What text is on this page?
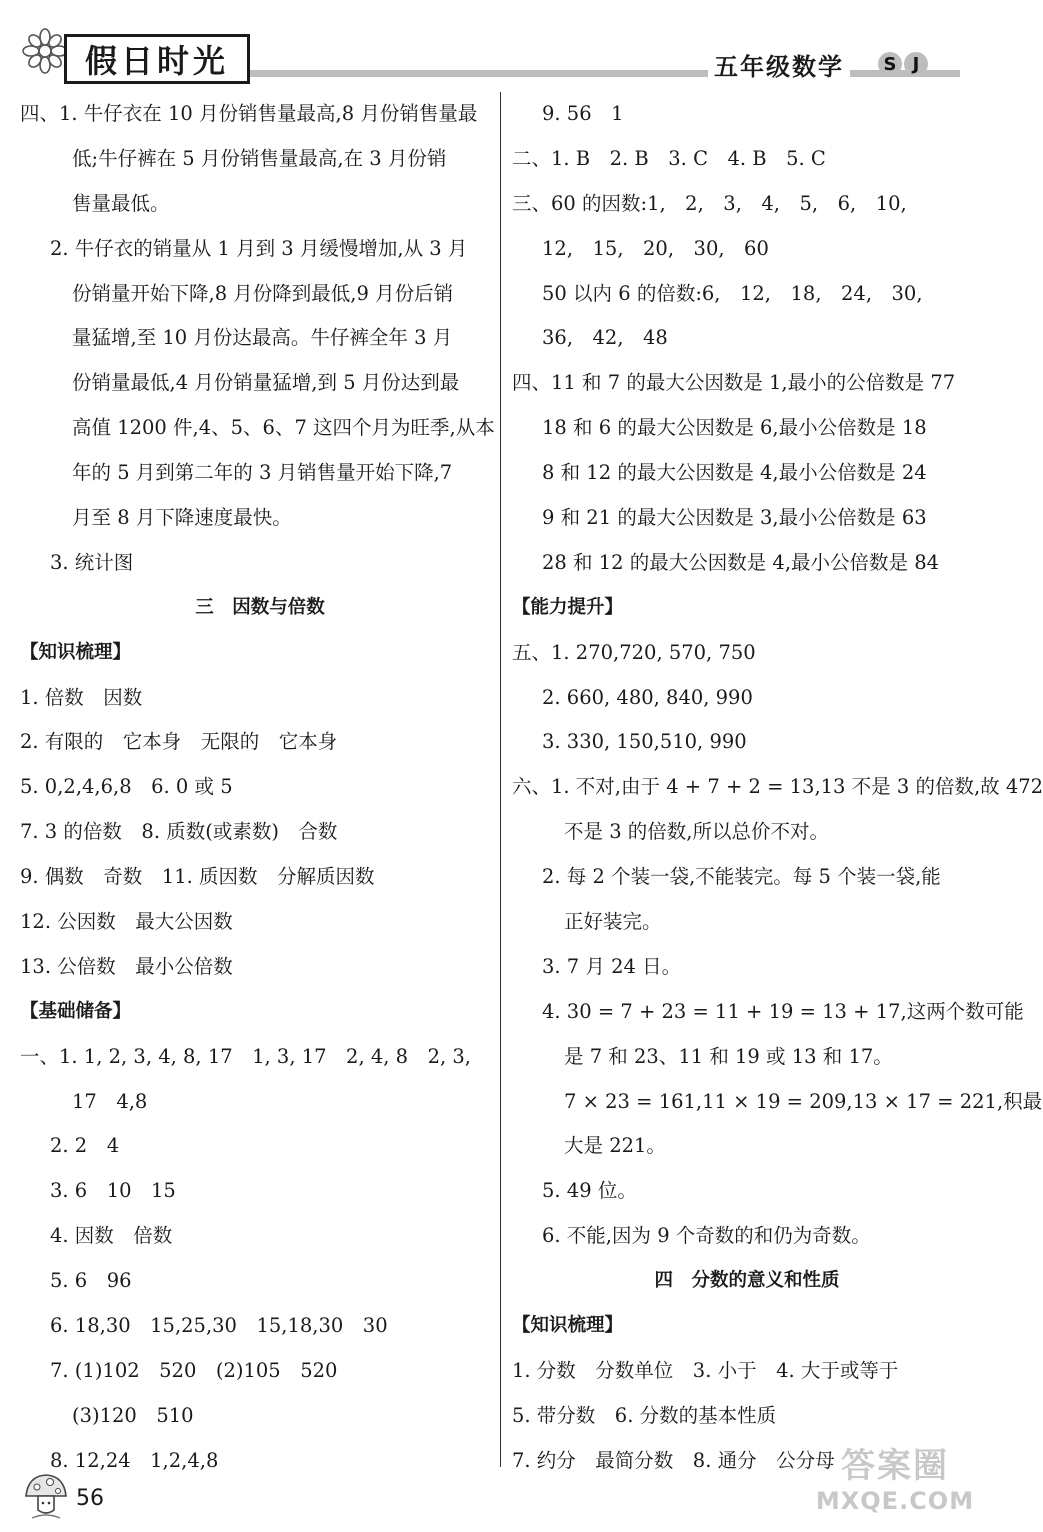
假日时光	五年级数学	S J
四、1. 牛仔衣在 10 月份销售量最高,8 月份销售量最
低;牛仔裤在 5 月份销售量最高,在 3 月份销
售量最低。
2. 牛仔衣的销量从 1 月到 3 月缓慢增加,从 3 月
份销量开始下降,8 月份降到最低,9 月份后销
量猛增,至 10 月份达最高。牛仔裤全年 3 月
份销量最低,4 月份销量猛增,到 5 月份达到最
高值 1200 件,4、5、6、7 这四个月为旺季,从本
年的 5 月到第二年的 3 月销售量开始下降,7
月至 8 月下降速度最快。
3. 统计图
三　因数与倍数
【知识梳理】
1. 倍数　因数
2. 有限的　它本身　无限的　它本身
5. 0,2,4,6,8　6. 0 或 5
7. 3 的倍数　8. 质数(或素数)　合数
9. 偶数　奇数　11. 质因数　分解质因数
12. 公因数　最大公因数
13. 公倍数　最小公倍数
【基础储备】
一、1. 1, 2, 3, 4, 8, 17　1, 3, 17　2, 4, 8　2, 3,
17　4,8
2. 2　4
3. 6　10　15
4. 因数　倍数
5. 6　96
6. 18,30　15,25,30　15,18,30　30
7. (1)102　520　(2)105　520
(3)120　510
8. 12,24　1,2,4,8
9. 56　1
二、1. B　2. B　3. C　4. B　5. C
三、60 的因数:1,　2,　3,　4,　5,　6,　10,
12,　15,　20,　30,　60
50 以内 6 的倍数:6,　12,　18,　24,　30,
36,　42,　48
四、11 和 7 的最大公因数是 1,最小的公倍数是 77
18 和 6 的最大公因数是 6,最小公倍数是 18
8 和 12 的最大公因数是 4,最小公倍数是 24
9 和 21 的最大公因数是 3,最小公倍数是 63
28 和 12 的最大公因数是 4,最小公倍数是 84
【能力提升】
五、1. 270,720, 570, 750
2. 660, 480, 840, 990
3. 330, 150,510, 990
六、1. 不对,由于 4 + 7 + 2 = 13,13 不是 3 的倍数,故 472
不是 3 的倍数,所以总价不对。
2. 每 2 个装一袋,不能装完。每 5 个装一袋,能
正好装完。
3. 7 月 24 日。
4. 30 = 7 + 23 = 11 + 19 = 13 + 17,这两个数可能
是 7 和 23、11 和 19 或 13 和 17。
7 × 23 = 161,11 × 19 = 209,13 × 17 = 221,积最
大是 221。
5. 49 位。
6. 不能,因为 9 个奇数的和仍为奇数。
四　分数的意义和性质
【知识梳理】
1. 分数　分数单位　3. 小于　4. 大于或等于
5. 带分数　6. 分数的基本性质
7. 约分　最简分数　8. 通分　公分母
56
答案圈
MXQE.COM
